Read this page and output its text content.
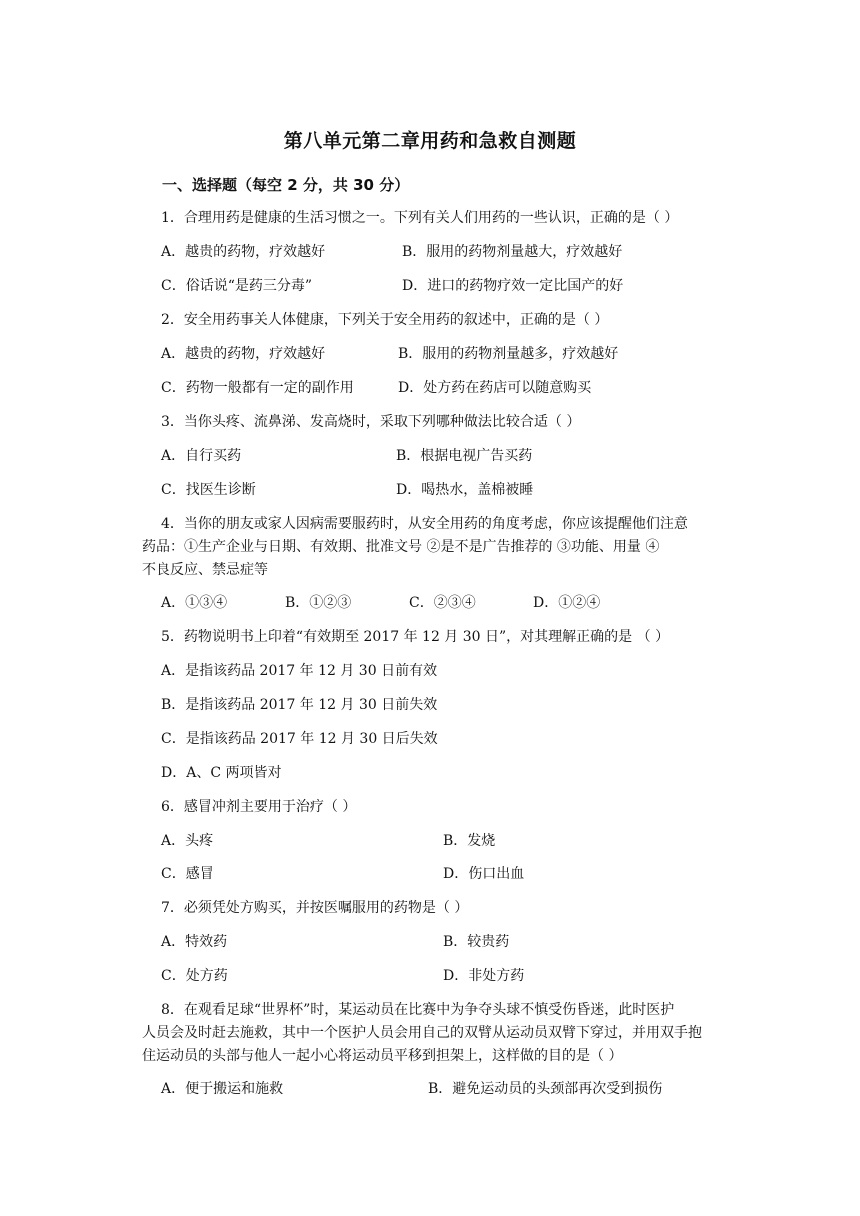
第八单元第二章用药和急救自测题
一、选择题（每空 2 分，共 30 分）
1．合理用药是健康的生活习惯之一。下列有关人们用药的一些认识，正确的是（ ）
A．越贵的药物，疗效越好	B．服用的药物剂量越大，疗效越好
C．俗话说“是药三分毒”	D．进口的药物疗效一定比国产的好
2．安全用药事关人体健康，下列关于安全用药的叙述中，正确的是（ ）
A．越贵的药物，疗效越好	B．服用的药物剂量越多，疗效越好
C．药物一般都有一定的副作用	D．处方药在药店可以随意购买
3．当你头疼、流鼻涕、发高烧时，采取下列哪种做法比较合适（ ）
A．自行买药	B．根据电视广告买药
C．找医生诊断	D．喝热水，盖棉被睡
4．当你的朋友或家人因病需要服药时，从安全用药的角度考虑，你应该提醒他们注意
药品：①生产企业与日期、有效期、批准文号 ②是不是广告推荐的 ③功能、用量 ④
不良反应、禁忌症等
A．①③④	B．①②③	C．②③④	D．①②④
5．药物说明书上印着“有效期至 2017 年 12 月 30 日”，对其理解正确的是 （ ）
A．是指该药品 2017 年 12 月 30 日前有效
B．是指该药品 2017 年 12 月 30 日前失效
C．是指该药品 2017 年 12 月 30 日后失效
D．A、C 两项皆对
6．感冒冲剂主要用于治疗（ ）
A．头疼	B．发烧
C．感冒	D．伤口出血
7．必须凭处方购买，并按医嘱服用的药物是（ ）
A．特效药	B．较贵药
C．处方药	D．非处方药
8．在观看足球“世界杯”时，某运动员在比赛中为争夺头球不慎受伤昏迷，此时医护
人员会及时赶去施救，其中一个医护人员会用自己的双臂从运动员双臂下穿过，并用双手抱
住运动员的头部与他人一起小心将运动员平移到担架上，这样做的目的是（ ）
A．便于搬运和施救	B．避免运动员的头颈部再次受到损伤
